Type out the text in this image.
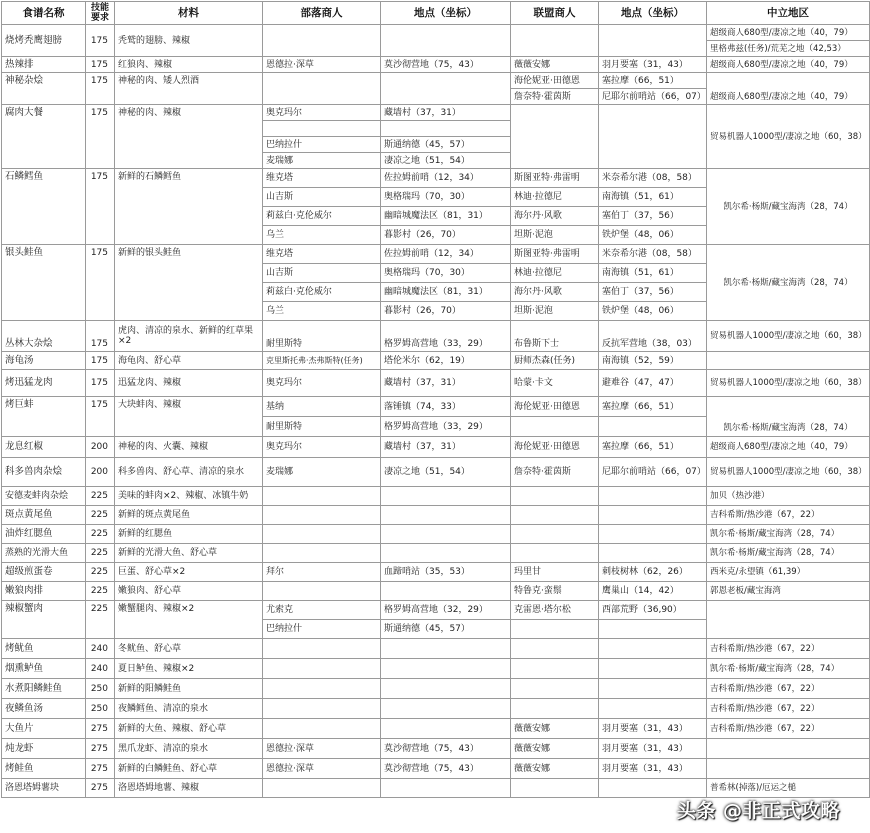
食谱名称	技能要求	材料	部落商人	地点（坐标）	联盟商人	地点（坐标）	中立地区
烧烤秃鹰翅膀	175	秃鹫的翅膀、辣椒					超级商人680型/凄凉之地（40，79）
							里格弗兹(任务)/荒芜之地（42,53）
热辣排	175	红狼肉、辣椒	恩德拉·深草	莫沙彻营地（75，43）	薇薇安娜	羽月要塞（31，43）	超级商人680型/凄凉之地（40，79）
神秘杂烩	175	神秘的肉、矮人烈酒			海伦妮亚·田德恩	塞拉摩（66，51）	超级商人680型/凄凉之地（40，79）
					詹奈特·霍茵斯	尼耶尔前哨站（66，07）	
腐肉大餐	175	神秘的肉、辣椒	奥克玛尔	藏墙村（37，31）			贸易机器人1000型/凄凉之地（60，38）

			巴纳拉什	斯通纳德（45，57）			
			麦瑞娜	凄凉之地（51，54）			
石鳞鳕鱼	175	新鲜的石鳞鳕鱼	维克塔	佐拉姆前哨（12，34）	斯图亚特·弗雷明	米奈希尔港（08，58）	凯尔希·杨斯/藏宝海湾（28，74）
			山吉斯	奥格瑞玛（70，30）	林迪·拉德尼	南海镇（51，61）	
			莉兹白·克伦威尔	幽暗城魔法区（81，31）	海尔丹·风歌	塞伯丁（37，56）	
			乌兰	暮影村（26，70）	坦斯·泥泡	铁炉堡（48，06）	
银头鲑鱼	175	新鲜的银头鲑鱼	维克塔	佐拉姆前哨（12，34）	斯图亚特·弗雷明	米奈希尔港（08，58）	凯尔希·杨斯/藏宝海湾（28，74）
			山吉斯	奥格瑞玛（70，30）	林迪·拉德尼	南海镇（51，61）	
			莉兹白·克伦威尔	幽暗城魔法区（81，31）	海尔丹·风歌	塞伯丁（37，56）	
			乌兰	暮影村（26，70）	坦斯·泥泡	铁炉堡（48，06）	
丛林大杂烩	175	虎肉、清凉的泉水、新鲜的红草果×2	耐里斯特	格罗姆高营地（33，29）	布鲁斯下士	反抗军营地（38，03）	贸易机器人1000型/凄凉之地（60，38）
海龟汤	175	海龟肉、舒心草	克里斯托弗·杰弗斯特(任务)	塔伦米尔（62，19）	厨师杰森(任务)	南海镇（52，59）	
烤迅猛龙肉	175	迅猛龙肉、辣椒	奥克玛尔	藏墙村（37，31）	哈蒙·卡文	避难谷（47，47）	贸易机器人1000型/凄凉之地（60，38）
烤巨蚌	175	大块蚌肉、辣椒	基纳	落锤镇（74，33）	海伦妮亚·田德恩	塞拉摩（66，51）	凯尔希·杨斯/藏宝海湾（28，74）
			耐里斯特	格罗姆高营地（33，29）			
龙息红椒	200	神秘的肉、火囊、辣椒	奥克玛尔	藏墙村（37，31）	海伦妮亚·田德恩	塞拉摩（66，51）	超级商人680型/凄凉之地（40，79）
科多兽肉杂烩	200	科多兽肉、舒心草、清凉的泉水	麦瑞娜	凄凉之地（51，54）	詹奈特·霍茵斯	尼耶尔前哨站（66，07）	贸易机器人1000型/凄凉之地（60，38）
安德麦蚌肉杂烩	225	美味的蚌肉×2、辣椒、冰镇牛奶					加贝（热沙港）
斑点黄尾鱼	225	新鲜的斑点黄尾鱼					吉科希斯/热沙港（67，22）
油炸红腮鱼	225	新鲜的红腮鱼					凯尔希·杨斯/藏宝海湾（28，74）
蒸熟的光滑大鱼	225	新鲜的光滑大鱼、舒心草					凯尔希·杨斯/藏宝海湾（28，74）
超级煎蛋卷	225	巨蛋、舒心草×2	拜尔	血蹄哨站（35，53）	玛里甘	刺枝树林（62，26）	西米克/永望镇（61,39）
嫩狼肉排	225	嫩狼肉、舒心草			特鲁克·蛮鬃	鹰巢山（14，42）	郭恩老板/藏宝海湾
辣椒蟹肉	225	嫩蟹腿肉、辣椒×2	尤索克	格罗姆高营地（32，29）	克雷恩·塔尔松	西部荒野（36,90）	
			巴纳拉什	斯通纳德（45，57）			
烤鱿鱼	240	冬鱿鱼、舒心草					吉科希斯/热沙港（67，22）
烟熏鲈鱼	240	夏日鲈鱼、辣椒×2					凯尔希·杨斯/藏宝海湾（28，74）
水煮阳鳞鲑鱼	250	新鲜的阳鳞鲑鱼					吉科希斯/热沙港（67，22）
夜鳞鱼汤	250	夜鳞鳕鱼、清凉的泉水					吉科希斯/热沙港（67，22）
大鱼片	275	新鲜的大鱼、辣椒、舒心草			薇薇安娜	羽月要塞（31，43）	吉科希斯/热沙港（67，22）
炖龙虾	275	黑爪龙虾、清凉的泉水	恩德拉·深草	莫沙彻营地（75，43）	薇薇安娜	羽月要塞（31，43）	
烤鲑鱼	275	新鲜的白鳞鲑鱼、舒心草	恩德拉·深草	莫沙彻营地（75，43）	薇薇安娜	羽月要塞（31，43）	
洛恩塔姆薯块	275	洛恩塔姆地薯、辣椒					普希林(掉落)/厄运之槌
头条 @非正式攻略
